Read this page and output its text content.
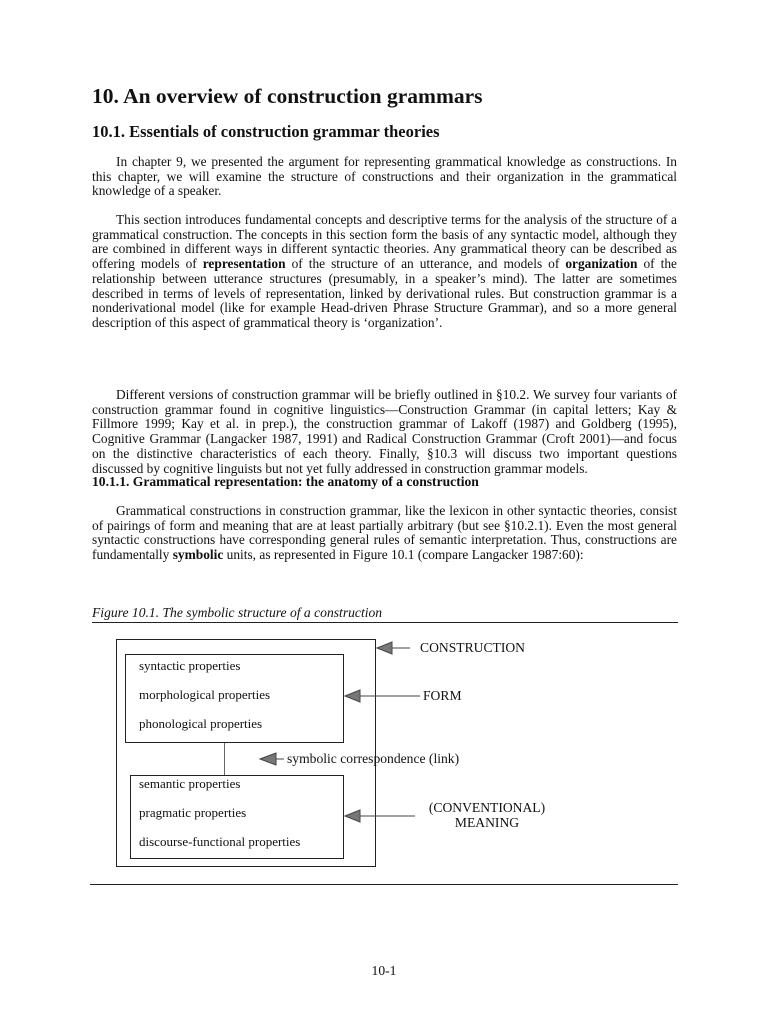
10. An overview of construction grammars
10.1. Essentials of construction grammar theories

In chapter 9, we presented the argument for representing grammatical knowledge as constructions. In this chapter, we will examine the structure of constructions and their organization in the grammatical knowledge of a speaker.

This section introduces fundamental concepts and descriptive terms for the analysis of the structure of a grammatical construction. The concepts in this section form the basis of any syntactic model, although they are combined in different ways in different syntactic theories. Any grammatical theory can be described as offering models of representation of the structure of an utterance, and models of organization of the relationship between utterance structures (presumably, in a speaker’s mind). The latter are sometimes described in terms of levels of representation, linked by derivational rules. But construction grammar is a nonderivational model (like for example Head-driven Phrase Structure Grammar), and so a more general description of this aspect of grammatical theory is ‘organization’.

Different versions of construction grammar will be briefly outlined in §10.2. We survey four variants of construction grammar found in cognitive linguistics—Construction Grammar (in capital letters; Kay & Fillmore 1999; Kay et al. in prep.), the construction grammar of Lakoff (1987) and Goldberg (1995), Cognitive Grammar (Langacker 1987, 1991) and Radical Construction Grammar (Croft 2001)—and focus on the distinctive characteristics of each theory. Finally, §10.3 will discuss two important questions discussed by cognitive linguists but not yet fully addressed in construction grammar models.

10.1.1. Grammatical representation: the anatomy of a construction

Grammatical constructions in construction grammar, like the lexicon in other syntactic theories, consist of pairings of form and meaning that are at least partially arbitrary (but see §10.2.1). Even the most general syntactic constructions have corresponding general rules of semantic interpretation. Thus, constructions are fundamentally symbolic units, as represented in Figure 10.1 (compare Langacker 1987:60):

Figure 10.1. The symbolic structure of a construction

syntactic properties
morphological properties
phonological properties
semantic properties
pragmatic properties
discourse-functional properties
CONSTRUCTION
FORM
symbolic correspondence (link)
(CONVENTIONAL)
MEANING
10-1
